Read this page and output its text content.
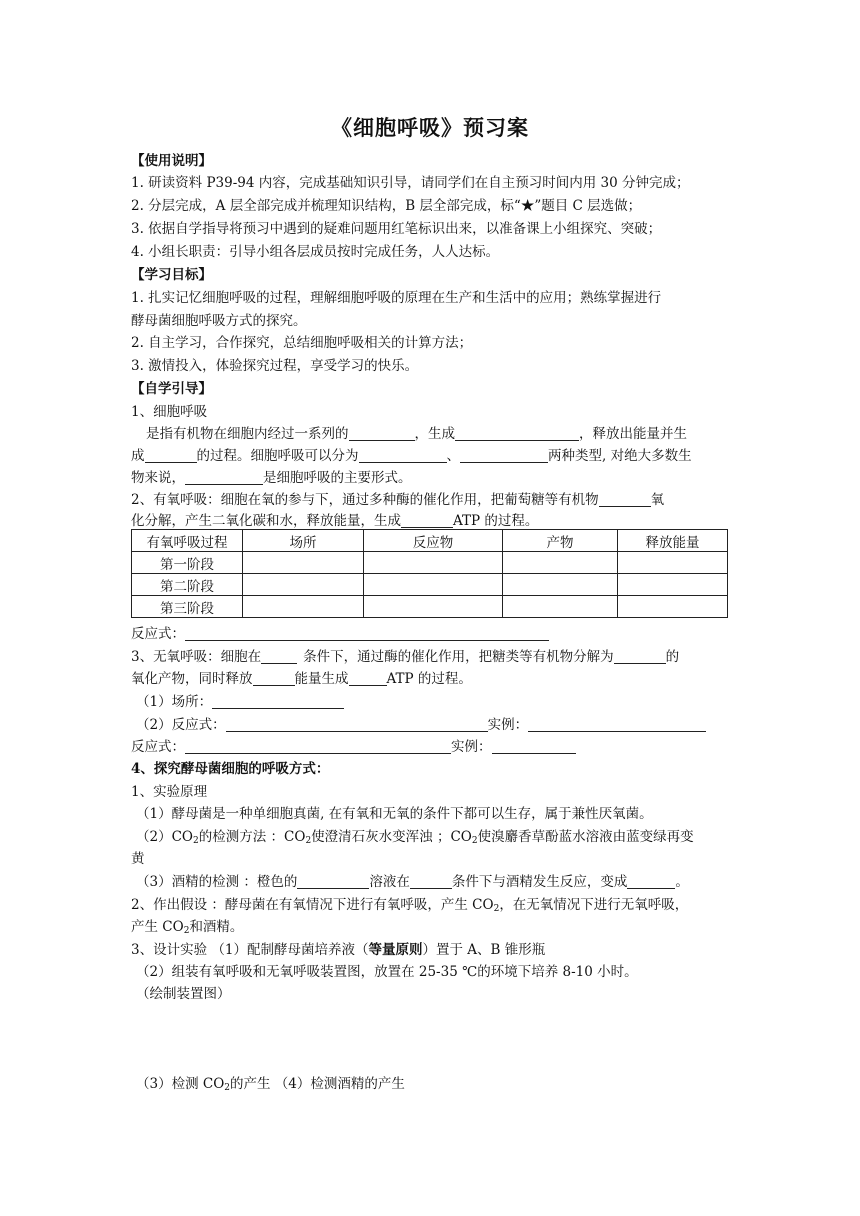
《细胞呼吸》预习案
【使用说明】
1. 研读资料 P39-94 内容，完成基础知识引导，请同学们在自主预习时间内用 30 分钟完成；
2. 分层完成，A 层全部完成并梳理知识结构，B 层全部完成，标“★”题目 C 层选做；
3. 依据自学指导将预习中遇到的疑难问题用红笔标识出来，以准备课上小组探究、突破；
4. 小组长职责：引导小组各层成员按时完成任务，人人达标。
【学习目标】
1. 扎实记忆细胞呼吸的过程，理解细胞呼吸的原理在生产和生活中的应用；熟练掌握进行
酵母菌细胞呼吸方式的探究。
2. 自主学习，合作探究，总结细胞呼吸相关的计算方法；
3. 激情投入，体验探究过程，享受学习的快乐。
【自学引导】
1、细胞呼吸
是指有机物在细胞内经过一系列的	，生成	，释放出能量并生
成	的过程。细胞呼吸可以分为	、	两种类型, 对绝大多数生
物来说，	是细胞呼吸的主要形式。
2、有氧呼吸：细胞在氧的参与下，通过多种酶的催化作用，把葡萄糖等有机物	氧
化分解，产生二氧化碳和水，释放能量，生成	ATP 的过程。
有氧呼吸过程	场所	反应物	产物	释放能量
第一阶段				
第二阶段				
第三阶段				
反应式：
3、无氧呼吸：细胞在	条件下，通过酶的催化作用，把糖类等有机物分解为	的
氧化产物，同时释放	能量生成	ATP 的过程。
（1）场所：
（2）反应式：	实例：
反应式：	实例：
4、探究酵母菌细胞的呼吸方式：
1、实验原理
（1）酵母菌是一种单细胞真菌, 在有氧和无氧的条件下都可以生存，属于兼性厌氧菌。
$(2)CO_2$的检测方法 ：$CO_2$使澄清石灰水变浑浊 ；$CO_2$使溴麝香草酚蓝水溶液由蓝变绿再变
黄
（3）酒精的检测 ：橙色的	溶液在	条件下与酒精发生反应，变成	。
2、作出假设 ：酵母菌在有氧情况下进行有氧呼吸，产生 $CO_2$，在无氧情况下进行无氧呼吸，
产生 $CO_2$和酒精。
3、设计实验 （1）配制酵母菌培养液（等量原则）置于 A、B 锥形瓶
（2）组装有氧呼吸和无氧呼吸装置图，放置在 25-35 ℃的环境下培养 8-10 小时。
（绘制装置图）
（3）检测 $CO_2$的产生 （4）检测酒精的产生
